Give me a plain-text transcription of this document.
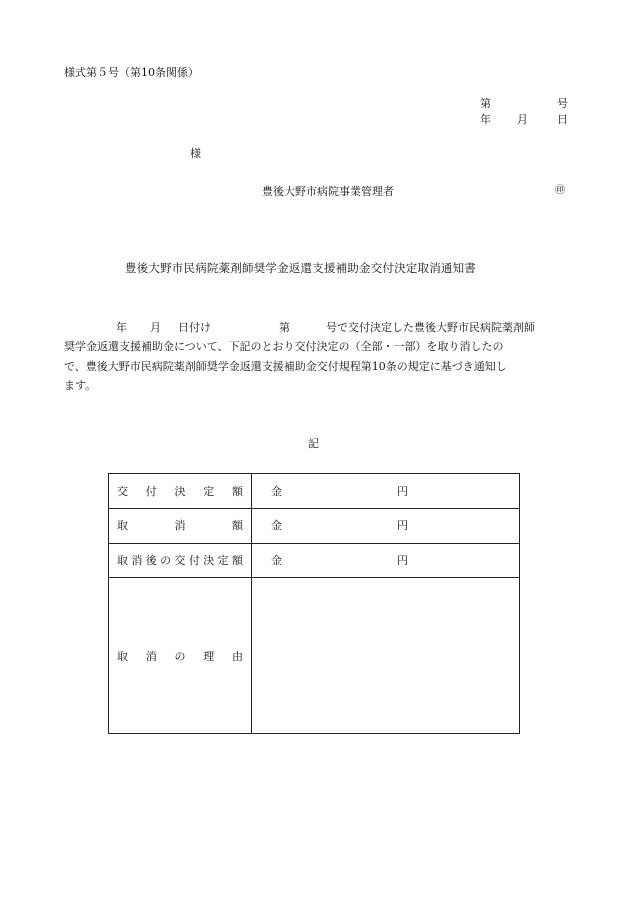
様式第５号（第10条関係）
第	号
年 月	日
様
豊後大野市病院事業管理者	㊞
豊後大野市民病院薬剤師奨学金返還支援補助金交付決定取消通知書
年 月 日付け	第	号で交付決定した豊後大野市民病院薬剤師
奨学金返還支援補助金について、下記のとおり交付決定の（全部・一部）を取り消したの
で、豊後大野市民病院薬剤師奨学金返還支援補助金交付規程第10条の規定に基づき通知し
ます。
記
交 付 決 定 額	金	円
取	消	額	金	円
取 消 後 の 交 付 決 定 額	金	円
取 消 の 理 由
